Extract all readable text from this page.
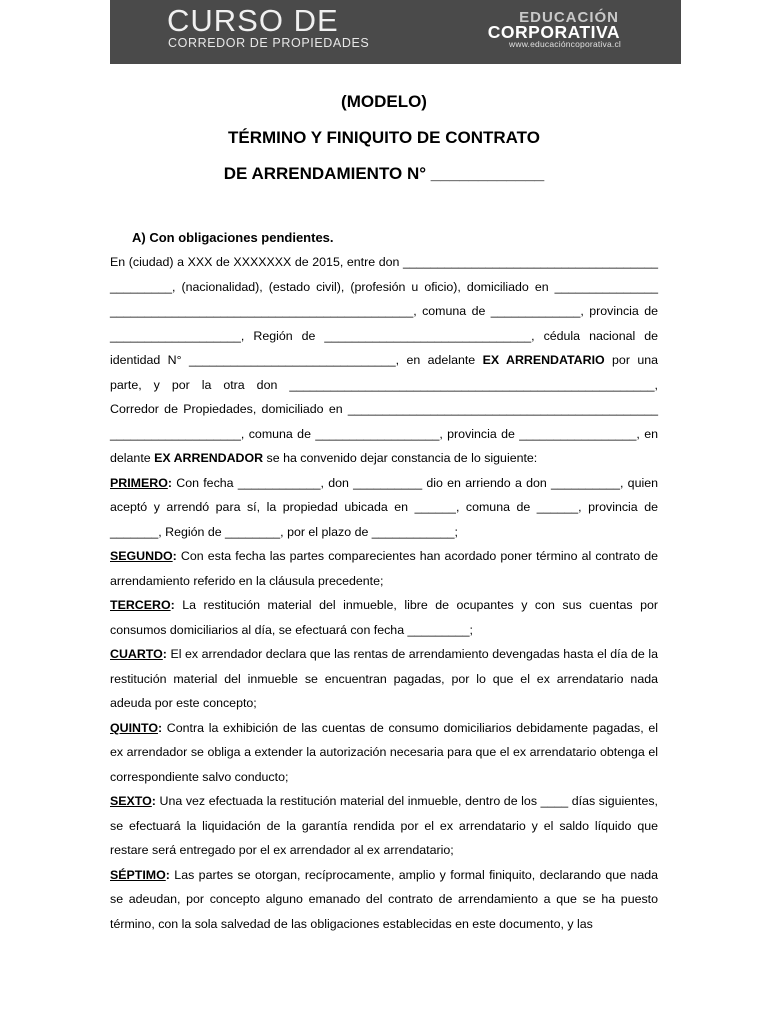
CURSO DE
CORREDOR DE PROPIEDADES
EDUCACIÓN
CORPORATIVA
www.educacióncoporativa.cl

(MODELO)

TÉRMINO Y FINIQUITO DE CONTRATO

DE ARRENDAMIENTO N° ____________

A) Con obligaciones pendientes.

En (ciudad) a XXX de XXXXXXX de 2015, entre don _____________________________________ _________, (nacionalidad), (estado civil), (profesión u oficio), domiciliado en _______________ ____________________________________________, comuna de _____________, provincia de ___________________, Región de ______________________________, cédula nacional de identidad N° ______________________________, en adelante EX ARRENDATARIO por una parte, y por la otra don _____________________________________________________, Corredor de Propiedades, domiciliado en _____________________________________________ ___________________, comuna de __________________, provincia de _________________, en delante EX ARRENDADOR se ha convenido dejar constancia de lo siguiente:

PRIMERO: Con fecha ____________, don __________ dio en arriendo a don __________, quien aceptó y arrendó para sí, la propiedad ubicada en ______, comuna de ______, provincia de _______, Región de ________, por el plazo de ____________;

SEGUNDO: Con esta fecha las partes comparecientes han acordado poner término al contrato de arrendamiento referido en la cláusula precedente;

TERCERO: La restitución material del inmueble, libre de ocupantes y con sus cuentas por consumos domiciliarios al día, se efectuará con fecha _________;

CUARTO: El ex arrendador declara que las rentas de arrendamiento devengadas hasta el día de la restitución material del inmueble se encuentran pagadas, por lo que el ex arrendatario nada adeuda por este concepto;

QUINTO: Contra la exhibición de las cuentas de consumo domiciliarios debidamente pagadas, el ex arrendador se obliga a extender la autorización necesaria para que el ex arrendatario obtenga el correspondiente salvo conducto;

SEXTO: Una vez efectuada la restitución material del inmueble, dentro de los ____ días siguientes, se efectuará la liquidación de la garantía rendida por el ex arrendatario y el saldo líquido que restare será entregado por el ex arrendador al ex arrendatario;

SÉPTIMO: Las partes se otorgan, recíprocamente, amplio y formal finiquito, declarando que nada se adeudan, por concepto alguno emanado del contrato de arrendamiento a que se ha puesto término, con la sola salvedad de las obligaciones establecidas en este documento, y las
